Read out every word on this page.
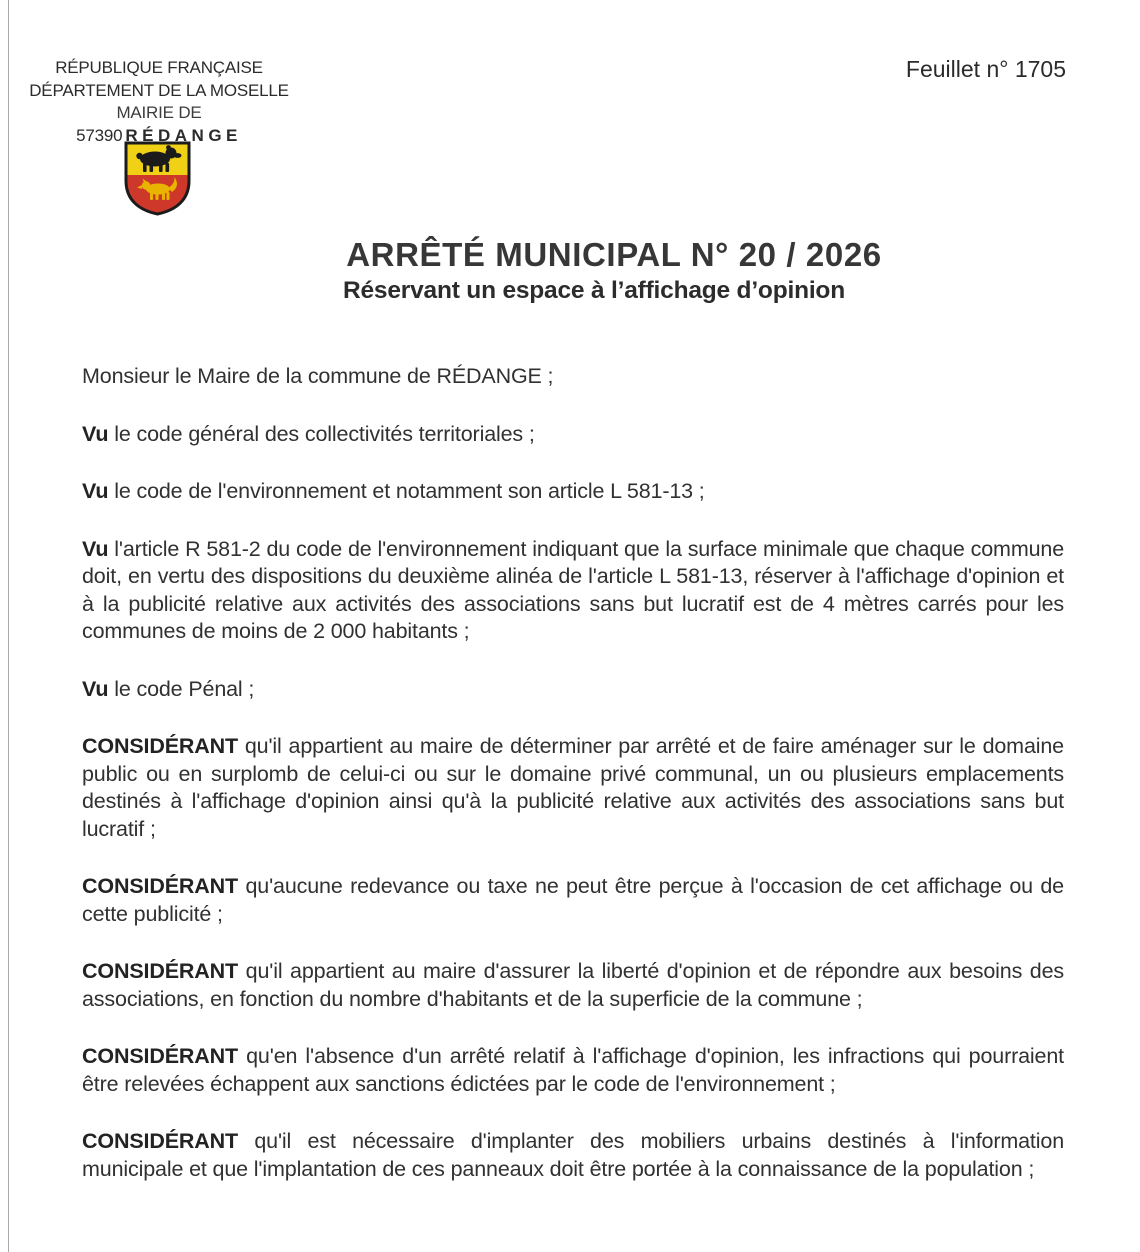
RÉPUBLIQUE FRANÇAISE
DÉPARTEMENT DE LA MOSELLE
MAIRIE DE
57390 RÉDANGE
Feuillet n° 1705
ARRÊTÉ MUNICIPAL N° 20 / 2026
Réservant un espace à l’affichage d’opinion

Monsieur le Maire de la commune de RÉDANGE ;

Vu le code général des collectivités territoriales ;

Vu le code de l'environnement et notamment son article L 581-13 ;

Vu l'article R 581-2 du code de l'environnement indiquant que la surface minimale que chaque commune doit, en vertu des dispositions du deuxième alinéa de l'article L 581-13, réserver à l'affichage d'opinion et à la publicité relative aux activités des associations sans but lucratif est de 4 mètres carrés pour les communes de moins de 2 000 habitants ;

Vu le code Pénal ;

CONSIDÉRANT qu'il appartient au maire de déterminer par arrêté et de faire aménager sur le domaine public ou en surplomb de celui-ci ou sur le domaine privé communal, un ou plusieurs emplacements destinés à l'affichage d'opinion ainsi qu'à la publicité relative aux activités des associations sans but lucratif ;

CONSIDÉRANT qu'aucune redevance ou taxe ne peut être perçue à l'occasion de cet affichage ou de cette publicité ;

CONSIDÉRANT qu'il appartient au maire d'assurer la liberté d'opinion et de répondre aux besoins des associations, en fonction du nombre d'habitants et de la superficie de la commune ;

CONSIDÉRANT qu'en l'absence d'un arrêté relatif à l'affichage d'opinion, les infractions qui pourraient être relevées échappent aux sanctions édictées par le code de l'environnement ;

CONSIDÉRANT qu'il est nécessaire d'implanter des mobiliers urbains destinés à l'information municipale et que l'implantation de ces panneaux doit être portée à la connaissance de la population ;
